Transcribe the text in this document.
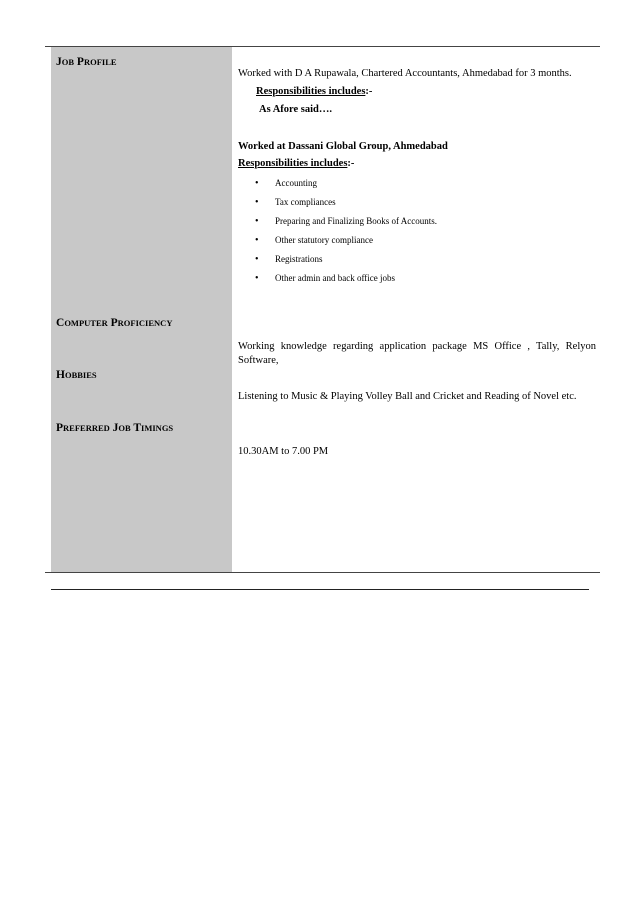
JOB PROFILE
COMPUTER PROFICIENCY
HOBBIES
PREFERRED JOB TIMINGS
Worked with D A Rupawala, Chartered Accountants, Ahmedabad for 3 months.
Responsibilities includes:-
As Afore said….
Worked at Dassani Global Group, Ahmedabad
Responsibilities includes:-
• Accounting
• Tax compliances
• Preparing and Finalizing Books of Accounts.
• Other statutory compliance
• Registrations
• Other admin and back office jobs
Working knowledge regarding application package MS Office , Tally, Relyon Software,
Listening to Music & Playing Volley Ball and Cricket and Reading of Novel etc.
10.30AM to 7.00 PM
